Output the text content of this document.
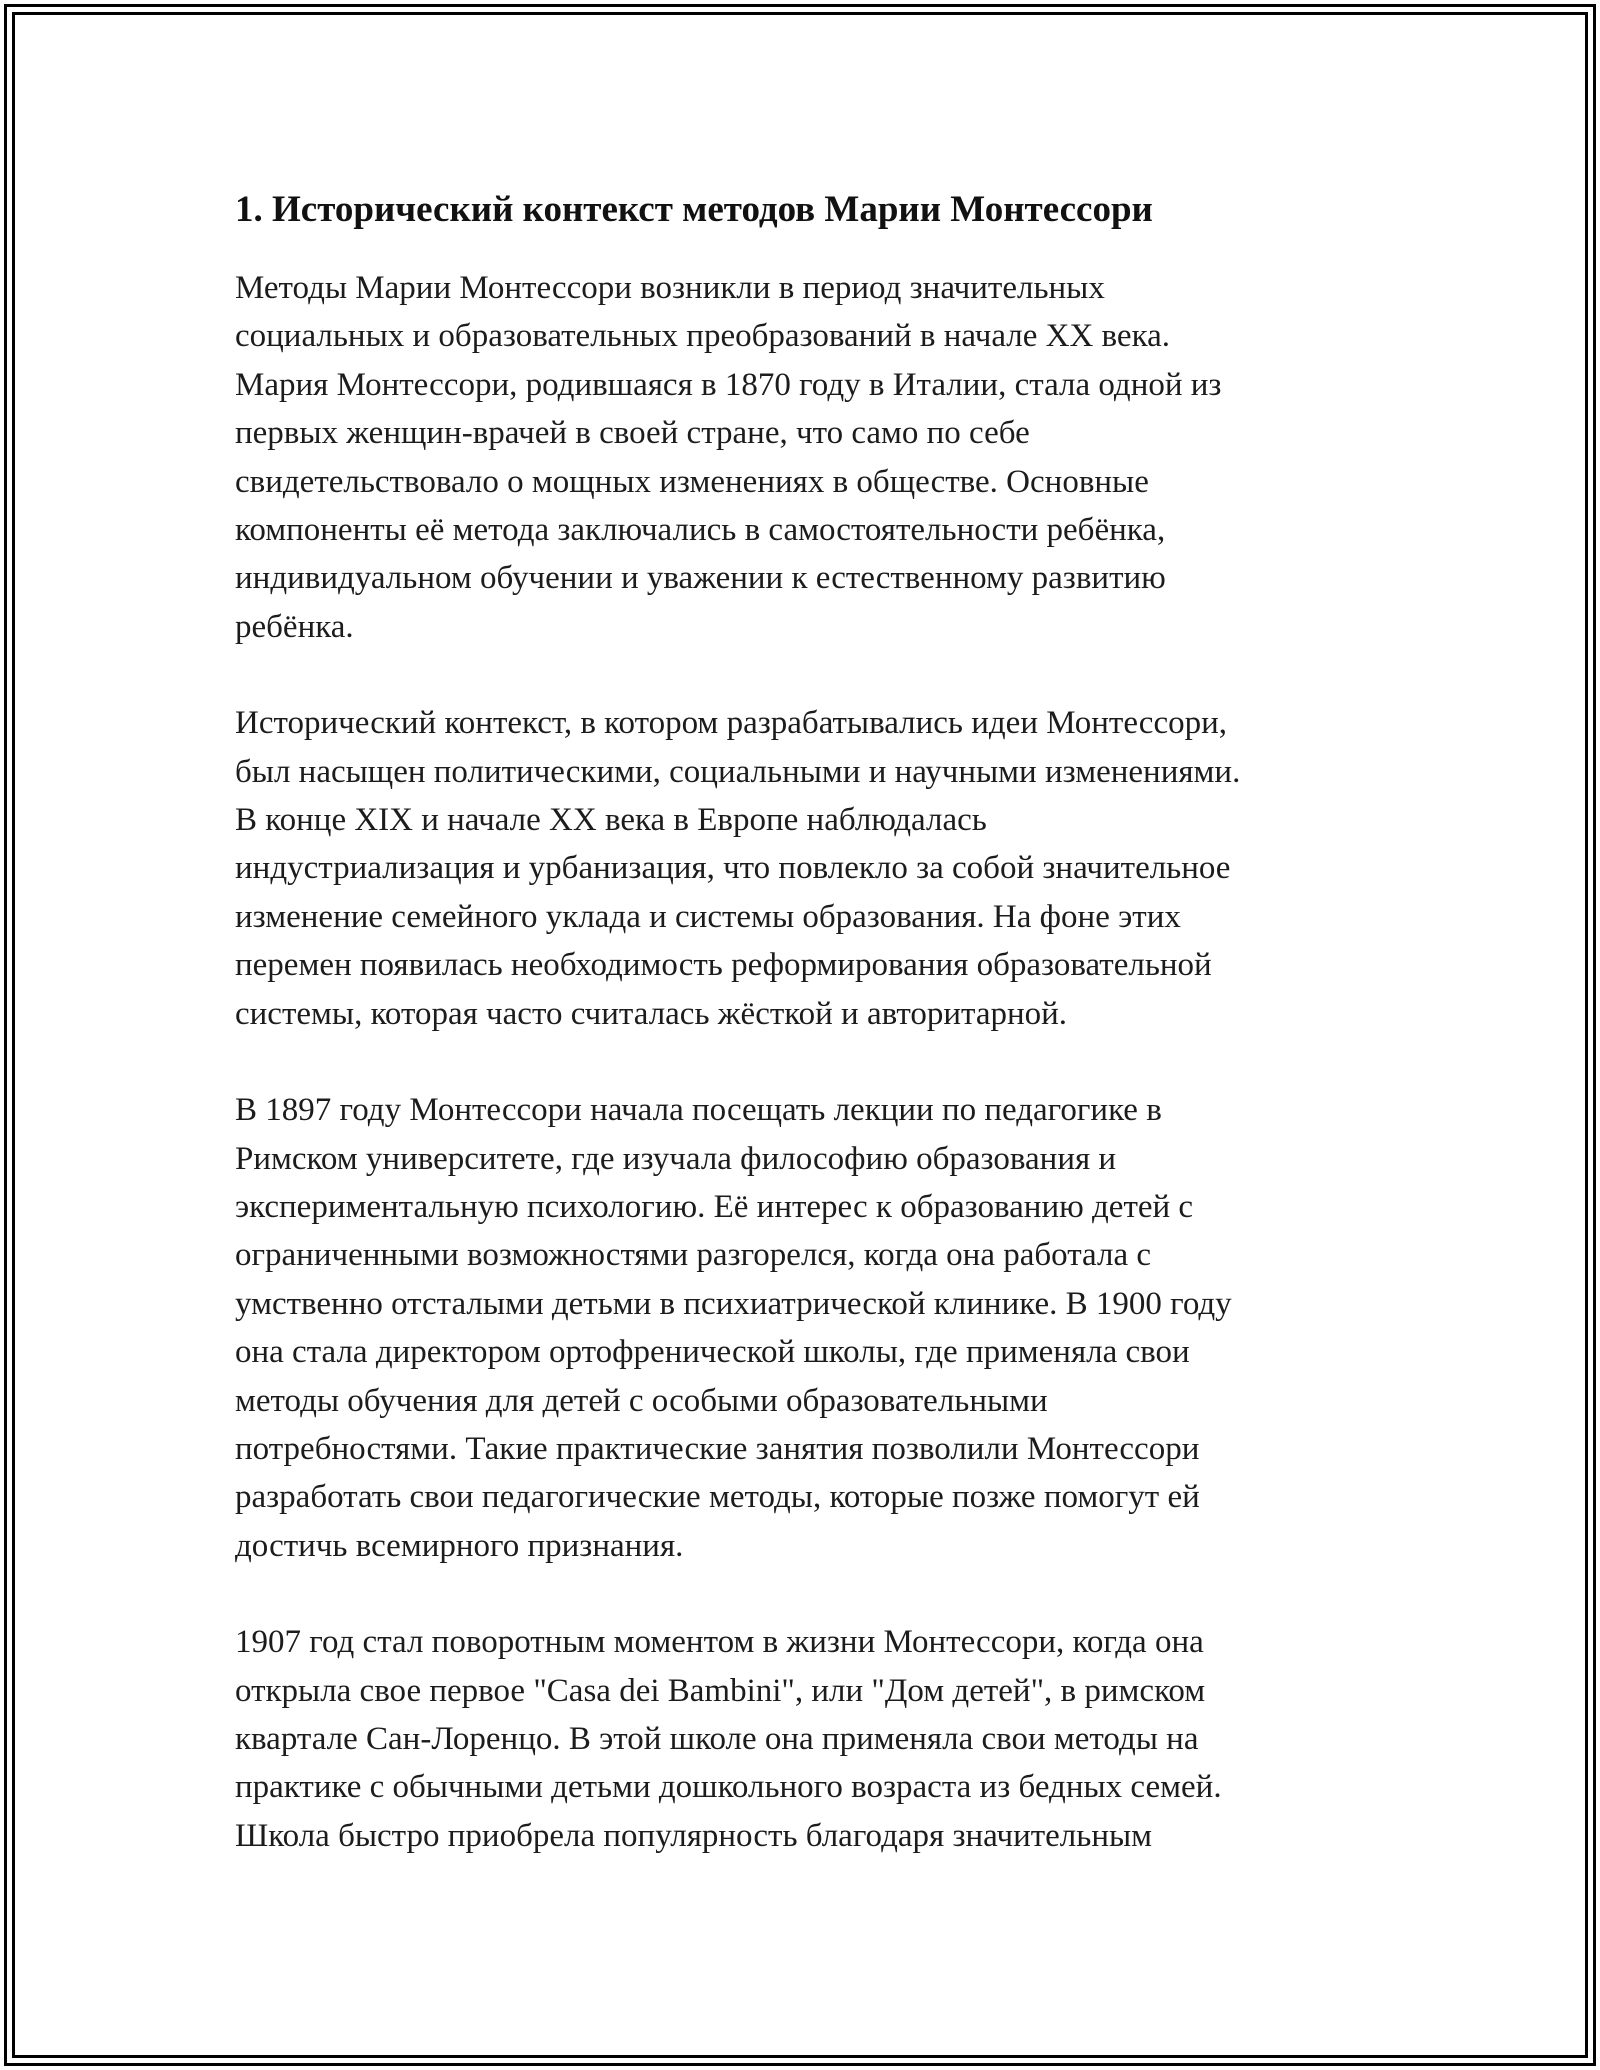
1. Исторический контекст методов Марии Монтессори
Методы Марии Монтессори возникли в период значительных
социальных и образовательных преобразований в начале XX века.
Мария Монтессори, родившаяся в 1870 году в Италии, стала одной из
первых женщин-врачей в своей стране, что само по себе
свидетельствовало о мощных изменениях в обществе. Основные
компоненты её метода заключались в самостоятельности ребёнка,
индивидуальном обучении и уважении к естественному развитию
ребёнка.
Исторический контекст, в котором разрабатывались идеи Монтессори,
был насыщен политическими, социальными и научными изменениями.
В конце XIX и начале XX века в Европе наблюдалась
индустриализация и урбанизация, что повлекло за собой значительное
изменение семейного уклада и системы образования. На фоне этих
перемен появилась необходимость реформирования образовательной
системы, которая часто считалась жёсткой и авторитарной.
В 1897 году Монтессори начала посещать лекции по педагогике в
Римском университете, где изучала философию образования и
экспериментальную психологию. Её интерес к образованию детей с
ограниченными возможностями разгорелся, когда она работала с
умственно отсталыми детьми в психиатрической клинике. В 1900 году
она стала директором ортофренической школы, где применяла свои
методы обучения для детей с особыми образовательными
потребностями. Такие практические занятия позволили Монтессори
разработать свои педагогические методы, которые позже помогут ей
достичь всемирного признания.
1907 год стал поворотным моментом в жизни Монтессори, когда она
открыла свое первое "Casa dei Bambini", или "Дом детей", в римском
квартале Сан-Лоренцо. В этой школе она применяла свои методы на
практике с обычными детьми дошкольного возраста из бедных семей.
Школа быстро приобрела популярность благодаря значительным
